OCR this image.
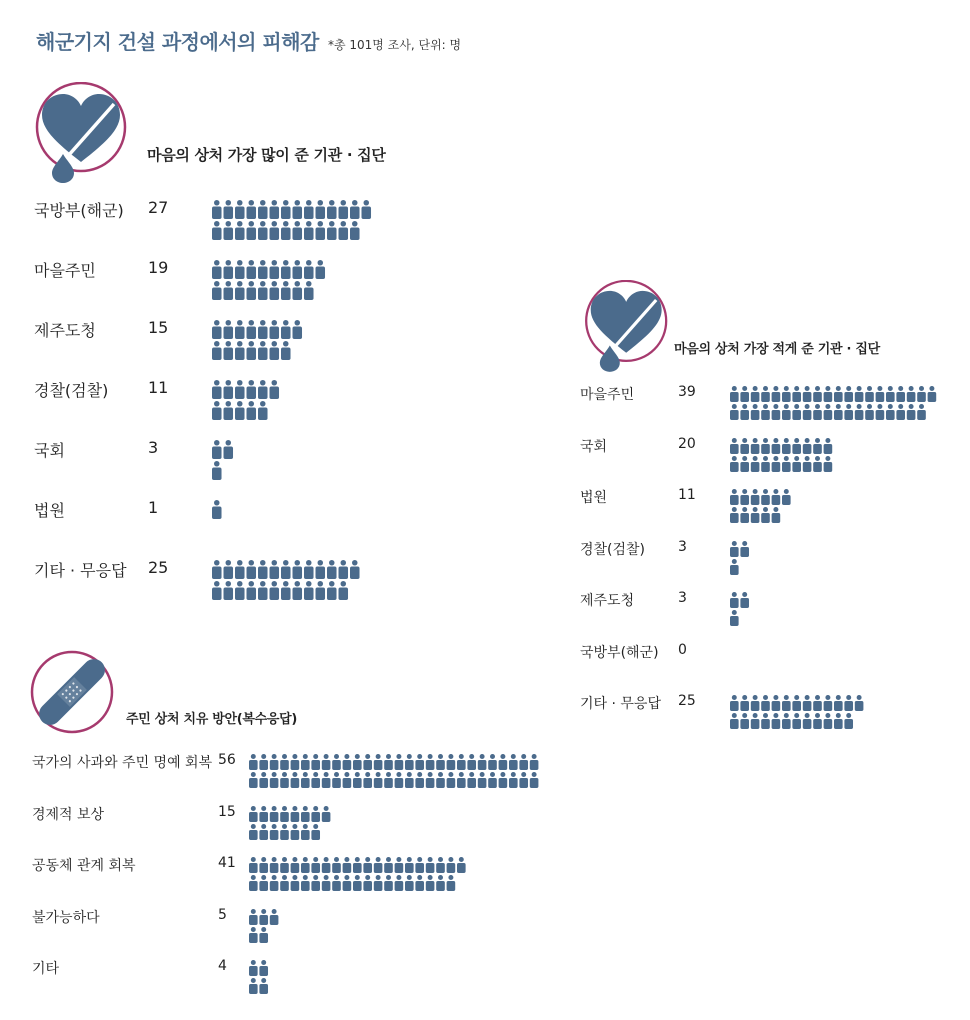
해군기지 건설 과정에서의 피해감 *총 101명 조사, 단위: 명
마음의 상처 가장 많이 준 기관 · 집단
국방부(해군) 27
마을주민	19
제주도청	15
경찰(검찰) 11
국회	3
법원	1
기타 · 무응답 25
마음의 상처 가장 적게 준 기관 · 집단
마을주민	39
국회	20
법원	11
경찰(검찰) 3
제주도청	3
국방부(해군) 0
기타 · 무응답 25
주민 상처 치유 방안(복수응답)
국가의 사과와 주민 명예 회복 56
경제적 보상	15
공동체 관계 회복	41
불가능하다	5
기타	4
